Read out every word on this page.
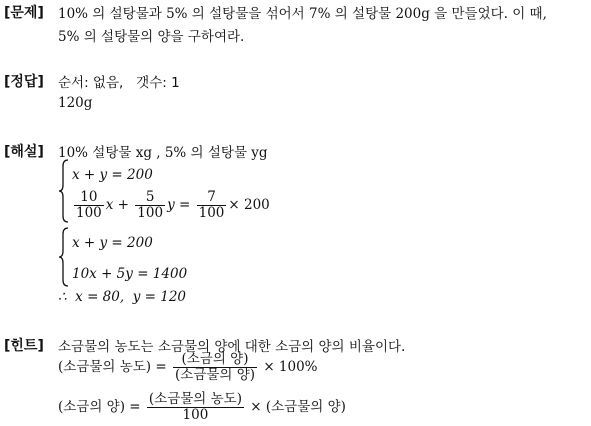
[문제] 10% 의 설탕물과 5% 의 설탕물을 섞어서 7% 의 설탕물 200g 을 만들었다. 이 때,
5% 의 설탕물의 양을 구하여라.
[정답] 순서: 없음,   갯수: 1
120g
[해설] 10% 설탕물 xg , 5% 의 설탕물 yg
x + y = 200
$\frac{10}{100}$ $x + \frac{5}{100}$ $y = \frac{7}{100} \times 200$
x + y = 200
10x + 5y = 1400
∴  x = 80,  y = 120
[힌트] 소금물의 농도는 소금물의 양에 대한 소금의 양의 비율이다.
(소금물의 농도) = $\frac{\text{(소금의 양)}}{\text{(소금물의 양)}} \times 100\%$
(소금의 양) = $\frac{\text{(소금물의 농도)}}{100}$ × (소금물의 양)
